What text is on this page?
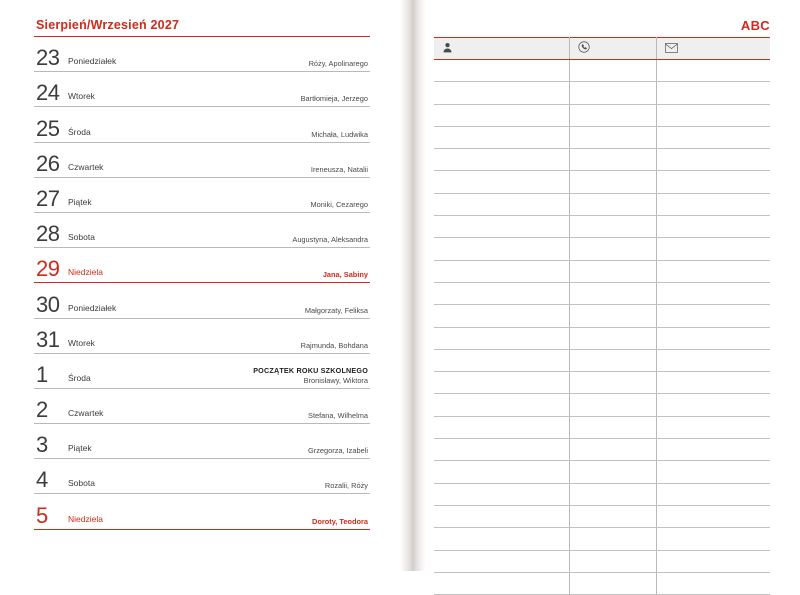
Sierpień/Wrzesień 2027
23	Poniedziałek	Róży, Apolinarego
24	Wtorek	Bartłomieja, Jerzego
25	Środa	Michała, Ludwika
26	Czwartek	Ireneusza, Natalii
27	Piątek	Moniki, Cezarego
28	Sobota	Augustyna, Aleksandra
29	Niedziela	Jana, Sabiny
30	Poniedziałek	Małgorzaty, Feliksa
31	Wtorek	Rajmunda, Bohdana
1	Środa
POCZĄTEK ROKU SZKOLNEGO
Bronisławy, Wiktora
2	Czwartek	Stefana, Wilhelma
3	Piątek	Grzegorza, Izabeli
4	Sobota	Rozalii, Róży
5	Niedziela	Doroty, Teodora
ABC
